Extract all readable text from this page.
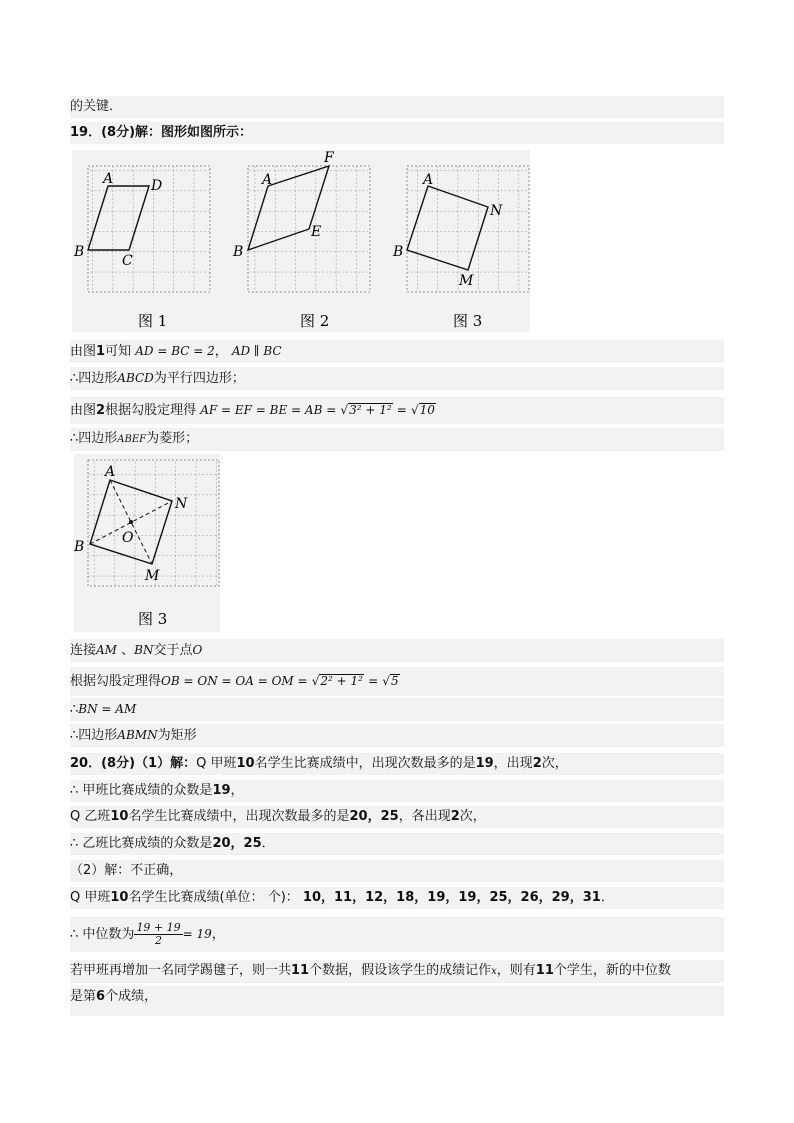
的关键．
19．(8分)解：图形如图所示：
A	D
B
C
图 1
A
F
E
B
图 2
A
N
B
M
图 3
由图1可知 AD = BC = 2， AD ∥ BC
∴四边形ABCD为平行四边形；
由图2根据勾股定理得 AF = EF = BE = AB = √3² + 1² = √10
∴四边形ABEF为菱形；
A
N
B
O
M
图 3
连接AM 、BN交于点O
根据勾股定理得OB = ON = OA = OM = √2² + 1² = √5
∴BN = AM
∴四边形ABMN为矩形
20．(8分)（1）解：Q 甲班10名学生比赛成绩中，出现次数最多的是19，出现2次，
∴ 甲班比赛成绩的众数是19，
Q 乙班10名学生比赛成绩中，出现次数最多的是20，25，各出现2次，
∴ 乙班比赛成绩的众数是20，25．
（2）解：不正确，
Q 甲班10名学生比赛成绩(单位： 个)： 10，11，12，18，19，19，25，26，29，31．
∴ 中位数为 $\frac{19 + 19}{2} = 19$，
若甲班再增加一名同学踢毽子，则一共11个数据，假设该学生的成绩记作x，则有11个学生，新的中位数
是第6个成绩，
